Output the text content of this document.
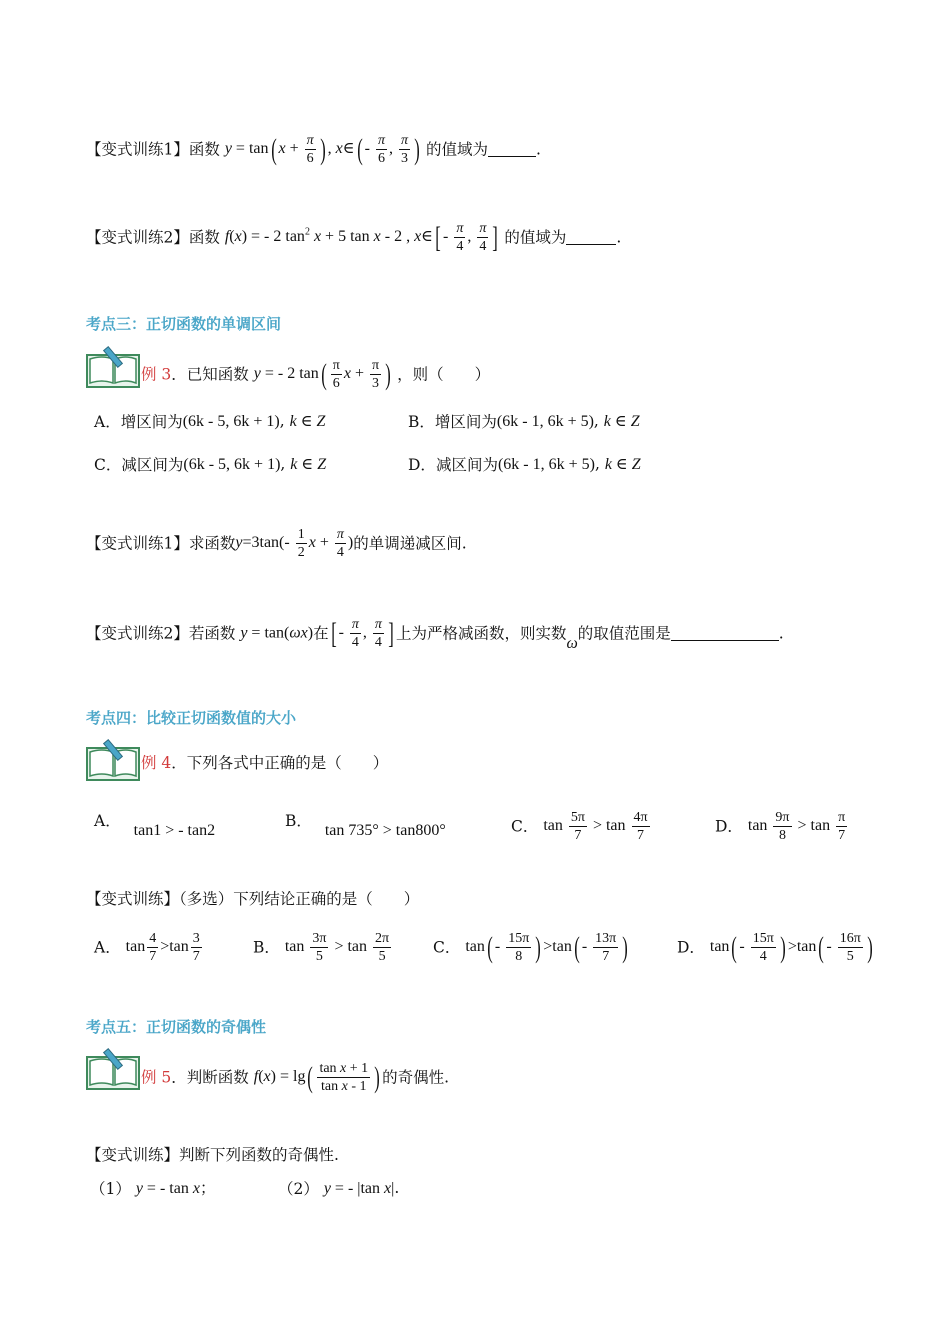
【变式训练1】函数 y = tan( $x + \frac{\pi}{6}$ ) , x∈( - $\frac{\pi}{6}$ , $\frac{\pi}{3}$ ) 的值域为	.
【变式训练2】函数 f(x) = - 2 $\tan^2 x + 5$ tan x - 2 , x∈[ - $\frac{\pi}{4}$ , $\frac{\pi}{4}$ ] 的值域为	.
考点三：正切函数的单调区间
例 3．已知函数 y = - 2 $\tan( \frac{\pi}{6}$ $x + \frac{\pi}{3}$ ) ，则（　　）
A．增区间为(6k - 5, 6k + 1), k ∈ Z	B．增区间为(6k - 1, 6k + 5), k ∈ Z
C．减区间为(6k - 5, 6k + 1), k ∈ Z	D．减区间为(6k - 1, 6k + 5), k ∈ Z
【变式训练1】求函数$y=3\tan(- \frac{1}{2}$ $x + \frac{\pi}{4}$ )的单调递减区间.
【变式训练2】若函数 y = tan(ωx)在[ - $\frac{\pi}{4}$ , $\frac{\pi}{4}$ ] 上为严格减函数，则实数ω的取值范围是	.
考点四：比较正切函数值的大小
例 4．下列各式中正确的是（　　）
A． tan1 > - tan2
B． tan 735° > tan800°	C． $\tan \frac{5\pi}{7} > \tan \frac{4\pi}{7}$	D． $\tan \frac{9\pi}{8} > \tan \frac{\pi}{7}$
【变式训练】（多选）下列结论正确的是（　　）
A． $\tan \frac{4}{7} >\tan \frac{3}{7}$	B． $\tan \frac{3\pi}{5} > \tan \frac{2\pi}{5}$	C． $\tan( - \frac{15\pi}{8}$ ) $>\tan( - \frac{13\pi}{7}$ )	D． $\tan( - \frac{15\pi}{4}$ ) $>\tan( - \frac{16\pi}{5}$ )
考点五：正切函数的奇偶性
例 5．判断函数 $f(x) = \lg( \frac{\text{tan x + 1}}{\text{tan x - 1}}$ ) 的奇偶性.
【变式训练】判断下列函数的奇偶性.
（1） y = - tan x；	（2） y = - |tan x|.
